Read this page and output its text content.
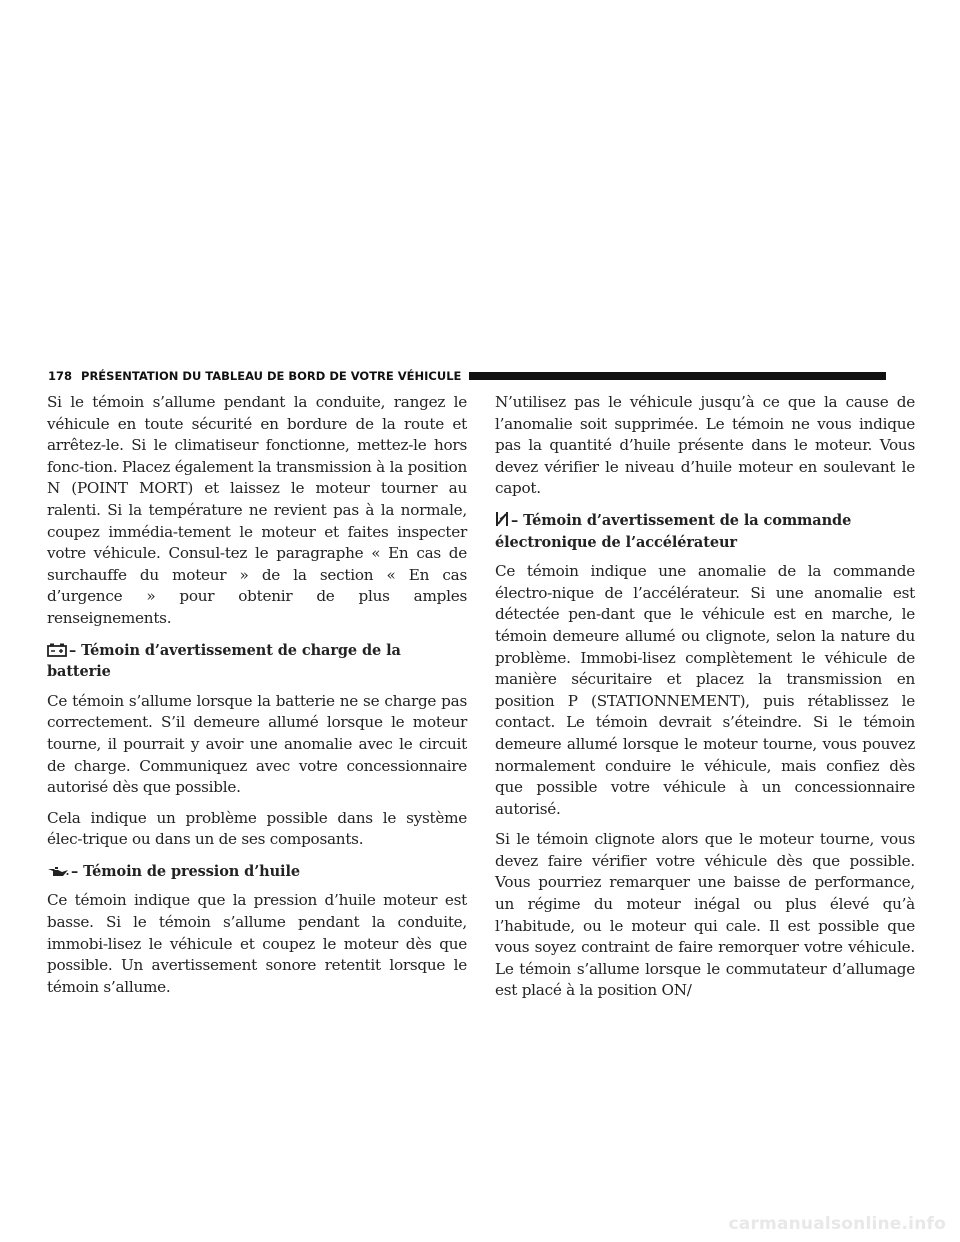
178 PRÉSENTATION DU TABLEAU DE BORD DE VOTRE VÉHICULE

Si le témoin s’allume pendant la conduite, rangez le véhicule en toute sécurité en bordure de la route et arrêtez-le. Si le climatiseur fonctionne, mettez-le hors fonc-tion. Placez également la transmission à la position N (POINT MORT) et laissez le moteur tourner au ralenti. Si la température ne revient pas à la normale, coupez immédia-tement le moteur et faites inspecter votre véhicule. Consul-tez le paragraphe « En cas de surchauffe du moteur » de la section « En cas d’urgence » pour obtenir de plus amples renseignements.

– Témoin d’avertissement de charge de la batterie

Ce témoin s’allume lorsque la batterie ne se charge pas correctement. S’il demeure allumé lorsque le moteur tourne, il pourrait y avoir une anomalie avec le circuit de charge. Communiquez avec votre concessionnaire autorisé dès que possible.

Cela indique un problème possible dans le système élec-trique ou dans un de ses composants.

– Témoin de pression d’huile

Ce témoin indique que la pression d’huile moteur est basse. Si le témoin s’allume pendant la conduite, immobi-lisez le véhicule et coupez le moteur dès que possible. Un avertissement sonore retentit lorsque le témoin s’allume.

N’utilisez pas le véhicule jusqu’à ce que la cause de l’anomalie soit supprimée. Le témoin ne vous indique pas la quantité d’huile présente dans le moteur. Vous devez vérifier le niveau d’huile moteur en soulevant le capot.

– Témoin d’avertissement de la commande électronique de l’accélérateur

Ce témoin indique une anomalie de la commande électro-nique de l’accélérateur. Si une anomalie est détectée pen-dant que le véhicule est en marche, le témoin demeure allumé ou clignote, selon la nature du problème. Immobi-lisez complètement le véhicule de manière sécuritaire et placez la transmission en position P (STATIONNEMENT), puis rétablissez le contact. Le témoin devrait s’éteindre. Si le témoin demeure allumé lorsque le moteur tourne, vous pouvez normalement conduire le véhicule, mais confiez dès que possible votre véhicule à un concessionnaire autorisé.

Si le témoin clignote alors que le moteur tourne, vous devez faire vérifier votre véhicule dès que possible. Vous pourriez remarquer une baisse de performance, un régime du moteur inégal ou plus élevé qu’à l’habitude, ou le moteur qui cale. Il est possible que vous soyez contraint de faire remorquer votre véhicule. Le témoin s’allume lorsque le commutateur d’allumage est placé à la position ON/

carmanualsonline.info
